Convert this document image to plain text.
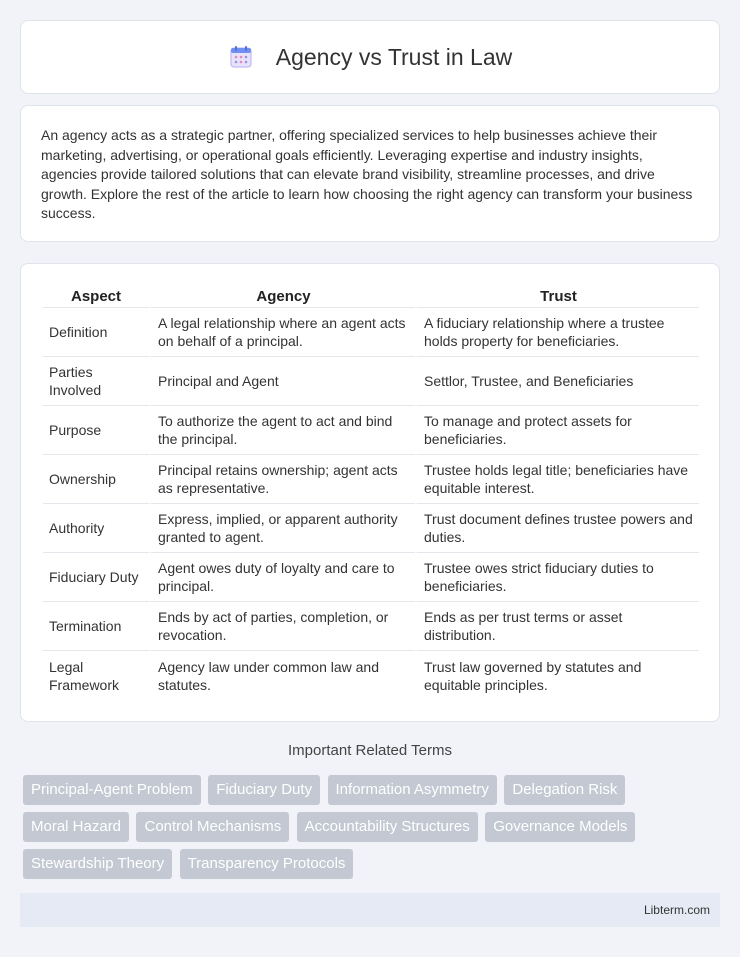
Agency vs Trust in Law

An agency acts as a strategic partner, offering specialized services to help businesses achieve their marketing, advertising, or operational goals efficiently. Leveraging expertise and industry insights, agencies provide tailored solutions that can elevate brand visibility, streamline processes, and drive growth. Explore the rest of the article to learn how choosing the right agency can transform your business success.

Aspect	Agency	Trust
Definition	A legal relationship where an agent acts on behalf of a principal.	A fiduciary relationship where a trustee holds property for beneficiaries.
Parties Involved	Principal and Agent	Settlor, Trustee, and Beneficiaries
Purpose	To authorize the agent to act and bind the principal.	To manage and protect assets for beneficiaries.
Ownership	Principal retains ownership; agent acts as representative.	Trustee holds legal title; beneficiaries have equitable interest.
Authority	Express, implied, or apparent authority granted to agent.	Trust document defines trustee powers and duties.
Fiduciary Duty	Agent owes duty of loyalty and care to principal.	Trustee owes strict fiduciary duties to beneficiaries.
Termination	Ends by act of parties, completion, or revocation.	Ends as per trust terms or asset distribution.
Legal Framework	Agency law under common law and statutes.	Trust law governed by statutes and equitable principles.
Important Related Terms
Principal-Agent Problem Fiduciary Duty Information Asymmetry Delegation Risk Moral Hazard Control Mechanisms Accountability Structures Governance Models Stewardship Theory Transparency Protocols
Libterm.com
